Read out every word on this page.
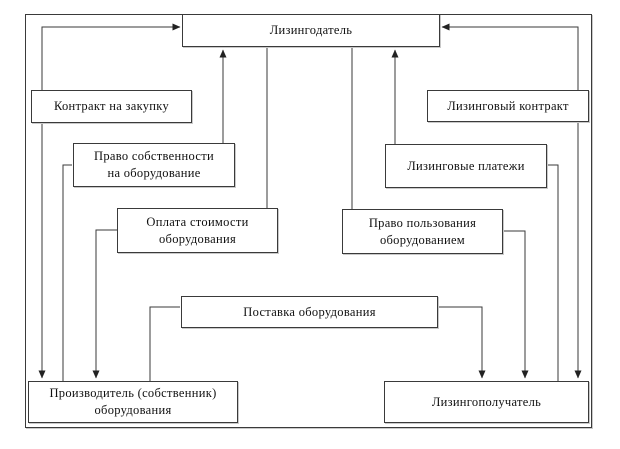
Лизингодатель
Контракт на закупку
Право собственности
на оборудование
Оплата стоимости
оборудования
Лизинговый контракт
Лизинговые платежи
Право пользования
оборудованием
Поставка оборудования
Производитель (собственник)
оборудования
Лизингополучатель
